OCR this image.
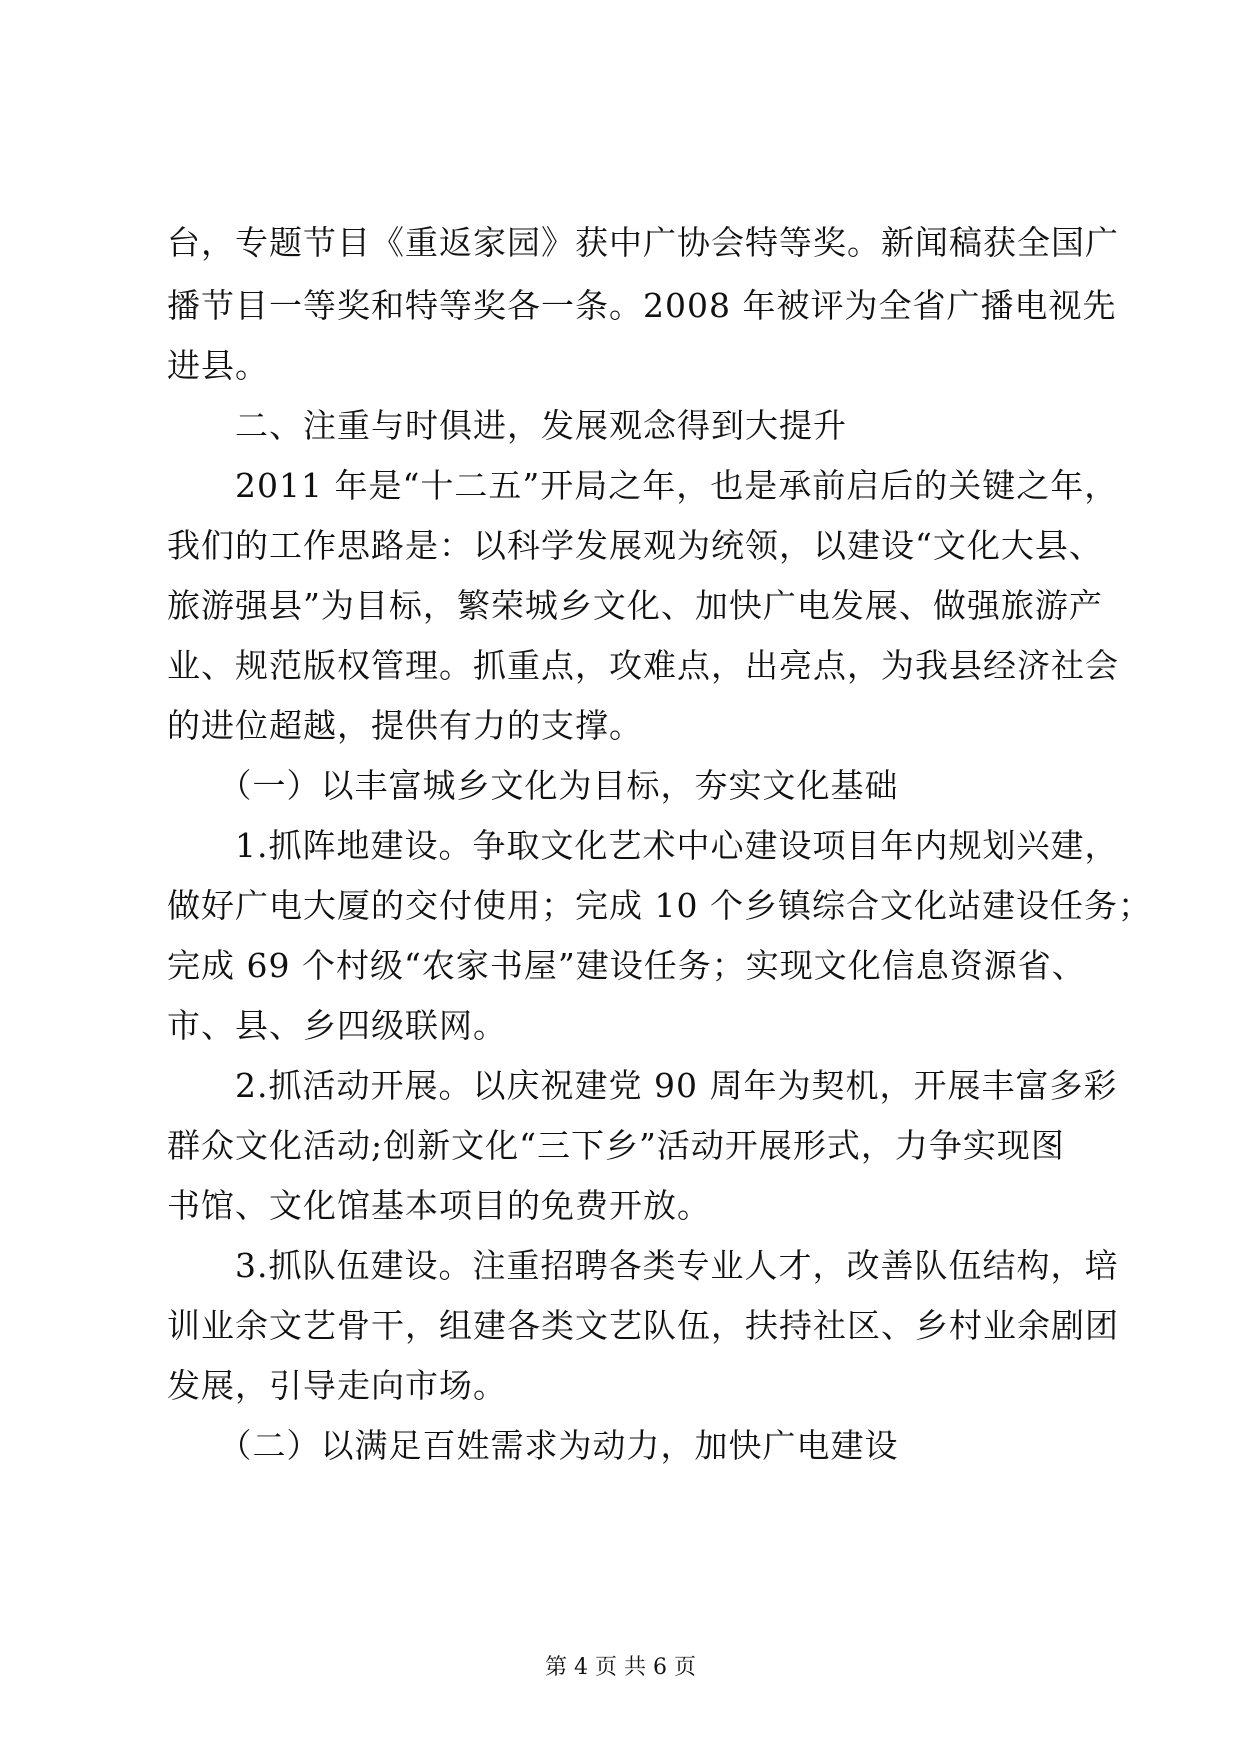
台，专题节目《重返家园》获中广协会特等奖。新闻稿获全国广
播节目一等奖和特等奖各一条。2008 年被评为全省广播电视先
进县。
　　二、注重与时俱进，发展观念得到大提升
　　2011 年是“十二五”开局之年，也是承前启后的关键之年，
我们的工作思路是：以科学发展观为统领，以建设“文化大县、
旅游强县”为目标，繁荣城乡文化、加快广电发展、做强旅游产
业、规范版权管理。抓重点，攻难点，出亮点，为我县经济社会
的进位超越，提供有力的支撑。
　　（一）以丰富城乡文化为目标，夯实文化基础
　　1.抓阵地建设。争取文化艺术中心建设项目年内规划兴建，
做好广电大厦的交付使用；完成 10 个乡镇综合文化站建设任务；
完成 69 个村级“农家书屋”建设任务；实现文化信息资源省、
市、县、乡四级联网。
　　2.抓活动开展。以庆祝建党 90 周年为契机，开展丰富多彩
群众文化活动;创新文化“三下乡”活动开展形式，力争实现图
书馆、文化馆基本项目的免费开放。
　　3.抓队伍建设。注重招聘各类专业人才，改善队伍结构，培
训业余文艺骨干，组建各类文艺队伍，扶持社区、乡村业余剧团
发展，引导走向市场。
　　（二）以满足百姓需求为动力，加快广电建设
第 4 页 共 6 页
